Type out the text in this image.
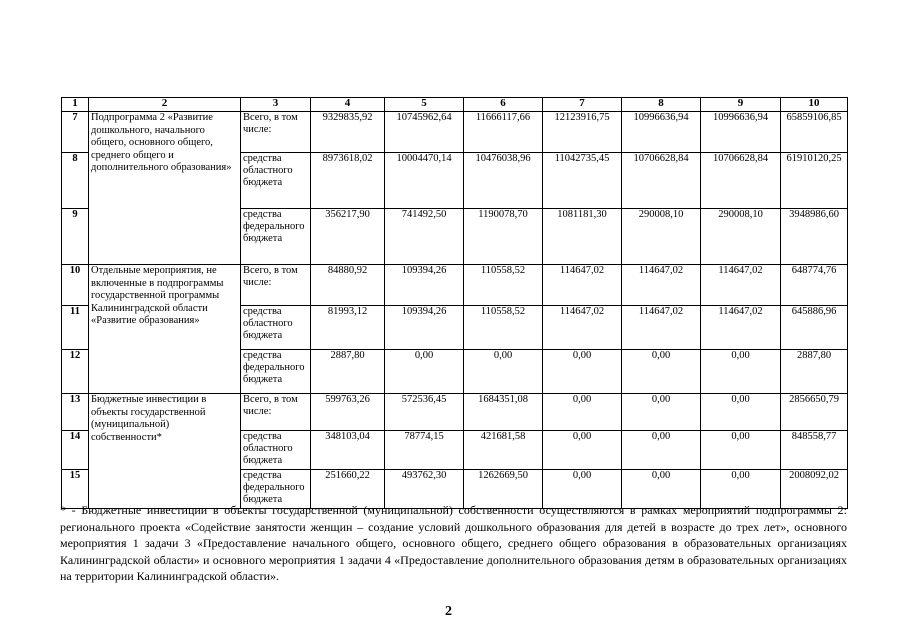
1	2	3	4	5	6	7	8	9	10
7	Подпрограмма 2 «Развитие дошкольного, начального общего, основного общего, среднего общего и дополнительного образования»	Всего, в том числе:	9329835,92	10745962,64	11666117,66	12123916,75	10996636,94	10996636,94	65859106,85
8		средства областного бюджета	8973618,02	10004470,14	10476038,96	11042735,45	10706628,84	10706628,84	61910120,25
9		средства федерального бюджета	356217,90	741492,50	1190078,70	1081181,30	290008,10	290008,10	3948986,60
10	Отдельные мероприятия, не включенные в подпрограммы государственной программы Калининградской области «Развитие образования»	Всего, в том числе:	84880,92	109394,26	110558,52	114647,02	114647,02	114647,02	648774,76
11		средства областного бюджета	81993,12	109394,26	110558,52	114647,02	114647,02	114647,02	645886,96
12		средства федерального бюджета	2887,80	0,00	0,00	0,00	0,00	0,00	2887,80
13	Бюджетные инвестиции в объекты государственной (муниципальной) собственности*	Всего, в том числе:	599763,26	572536,45	1684351,08	0,00	0,00	0,00	2856650,79
14		средства областного бюджета	348103,04	78774,15	421681,58	0,00	0,00	0,00	848558,77
15		средства федерального бюджета	251660,22	493762,30	1262669,50	0,00	0,00	0,00	2008092,02
* - Бюджетные инвестиции в объекты государственной (муниципальной) собственности осуществляются в рамках мероприятий подпрограммы 2: регионального проекта «Содействие занятости женщин – создание условий дошкольного образования для детей в возрасте до трех лет», основного мероприятия 1 задачи 3 «Предоставление начального общего, основного общего, среднего общего образования в образовательных организациях Калининградской области» и основного мероприятия 1 задачи 4 «Предоставление дополнительного образования детям в образовательных организациях на территории Калининградской области».
2
